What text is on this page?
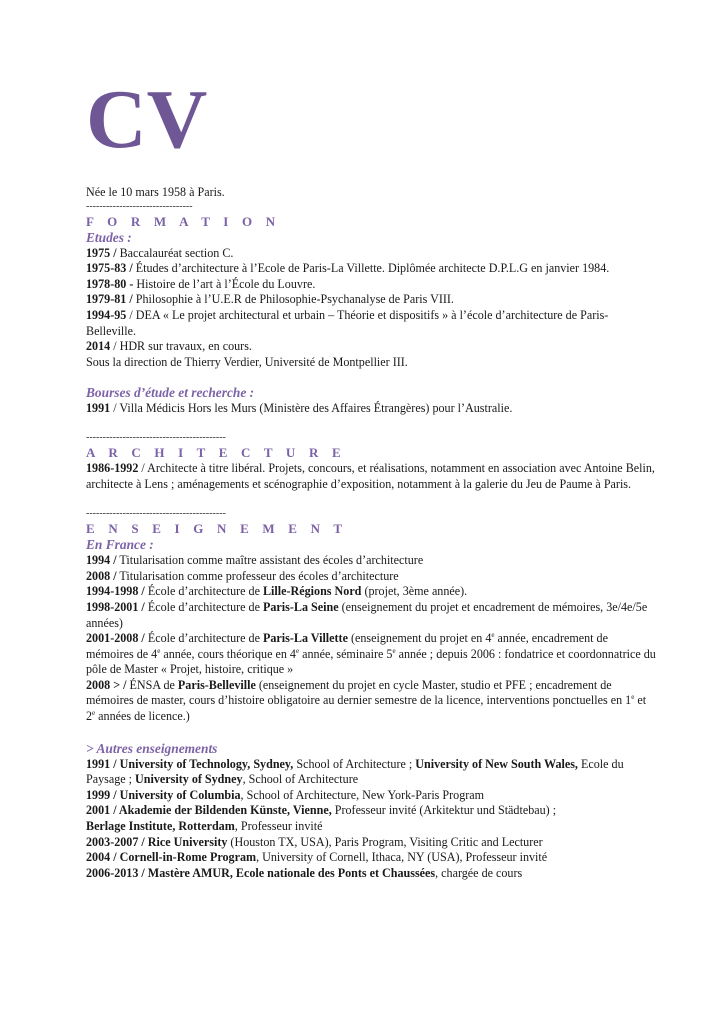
CV

Née le 10 mars 1958 à Paris.

--------------------------------

F O R M A T I O N

Etudes :

1975 / Baccalauréat section C.

1975-83 / Études d’architecture à l’Ecole de Paris-La Villette. Diplômée architecte D.P.L.G en janvier 1984.

1978-80 - Histoire de l’art à l’École du Louvre.

1979-81 / Philosophie à l’U.E.R de Philosophie-Psychanalyse de Paris VIII.

1994-95 / DEA « Le projet architectural et urbain – Théorie et dispositifs » à l’école d’architecture de Paris-Belleville.

2014 / HDR sur travaux, en cours.

Sous la direction de Thierry Verdier, Université de Montpellier III.

Bourses d’étude et recherche :

1991 / Villa Médicis Hors les Murs (Ministère des Affaires Étrangères) pour l’Australie.

------------------------------------------

A R C H I T E C T U R E

1986-1992 / Architecte à titre libéral. Projets, concours, et réalisations, notamment en association avec Antoine Belin, architecte à Lens ; aménagements et scénographie d’exposition, notamment à la galerie du Jeu de Paume à Paris.

------------------------------------------

E N S E I G N E M E N T

En France :

1994 / Titularisation comme maître assistant des écoles d’architecture

2008 / Titularisation comme professeur des écoles d’architecture

1994-1998 / École d’architecture de Lille-Régions Nord (projet, 3ème année).

1998-2001 / École d’architecture de Paris-La Seine (enseignement du projet et encadrement de mémoires, 3e/4e/5e années)

2001-2008 / École d’architecture de Paris-La Villette (enseignement du projet en 4e année, encadrement de mémoires de 4e année, cours théorique en 4e année, séminaire 5e année ; depuis 2006 : fondatrice et coordonnatrice du pôle de Master « Projet, histoire, critique »

2008 > / ÉNSA de Paris-Belleville (enseignement du projet en cycle Master, studio et PFE ; encadrement de mémoires de master, cours d’histoire obligatoire au dernier semestre de la licence, interventions ponctuelles en 1e et 2e années de licence.)

> Autres enseignements

1991 / University of Technology, Sydney, School of Architecture ; University of New South Wales, Ecole du Paysage ; University of Sydney, School of Architecture

1999 / University of Columbia, School of Architecture, New York-Paris Program

2001 / Akademie der Bildenden Künste, Vienne, Professeur invité (Arkitektur und Städtebau) ;

Berlage Institute, Rotterdam, Professeur invité

2003-2007 / Rice University (Houston TX, USA), Paris Program, Visiting Critic and Lecturer

2004 / Cornell-in-Rome Program, University of Cornell, Ithaca, NY (USA), Professeur invité

2006-2013 / Mastère AMUR, Ecole nationale des Ponts et Chaussées, chargée de cours
